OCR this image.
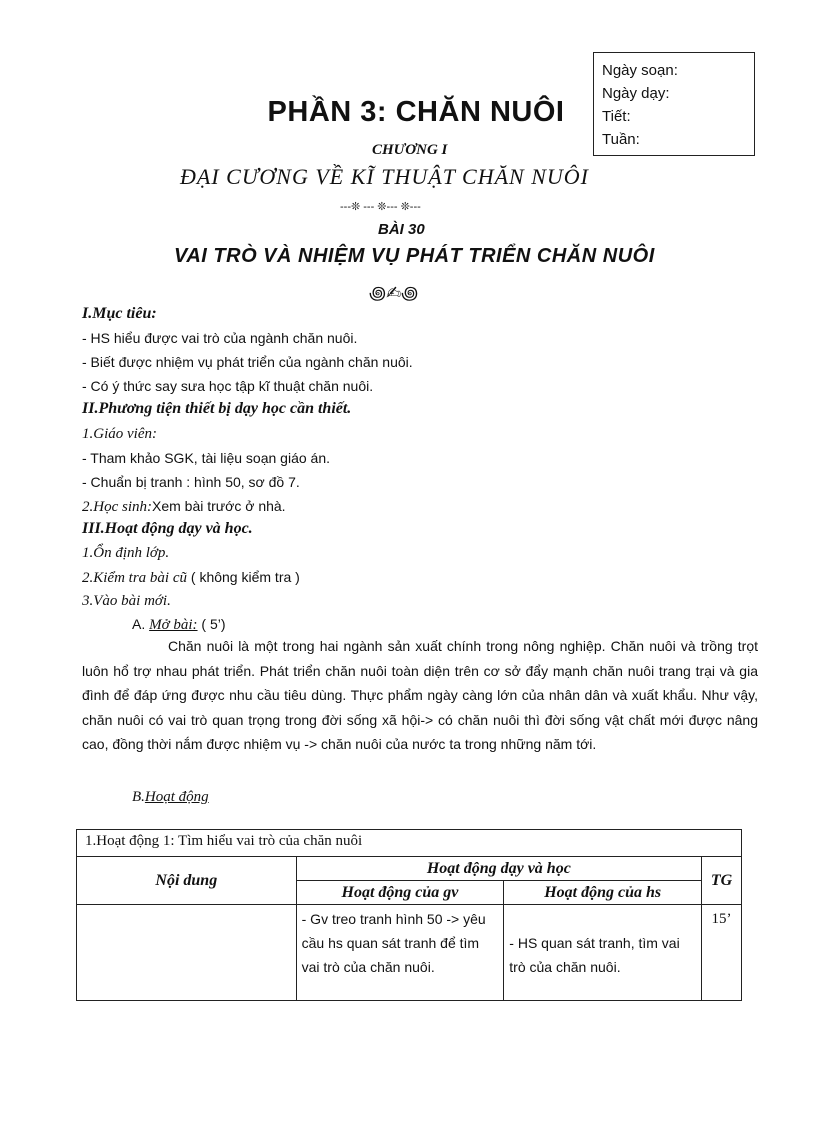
Ngày soạn:
Ngày dạy:
Tiết:
Tuần:
PHẦN 3: CHĂN NUÔI
CHƯƠNG I
ĐẠI CƯƠNG VỀ KĨ THUẬT CHĂN NUÔI
---❊ --- ❊--- ❊---
BÀI 30
VAI TRÒ VÀ NHIỆM VỤ PHÁT TRIỂN CHĂN NUÔI
꩜✍꩜
I.Mục tiêu:
- HS hiểu được vai trò của ngành chăn nuôi.
- Biết được nhiệm vụ phát triển của ngành chăn nuôi.
- Có ý thức say sưa học tập kĩ thuật chăn nuôi.
II.Phương tiện thiết bị dạy học cần thiết.
1.Giáo viên:
- Tham khảo SGK, tài liệu soạn giáo án.
- Chuẩn bị tranh : hình 50, sơ đồ 7.
2.Học sinh:Xem bài trước ở nhà.
III.Hoạt động dạy và học.
1.Ổn định lớp.
2.Kiểm tra bài cũ ( không kiểm tra )
3.Vào bài mới.
A. Mở bài: ( 5’)
Chăn nuôi là một trong hai ngành sản xuất chính trong nông nghiệp. Chăn nuôi và trồng trọt luôn hổ trợ nhau phát triển. Phát triển chăn nuôi toàn diện trên cơ sở đẩy mạnh chăn nuôi trang trại và gia đình để đáp ứng được nhu cầu tiêu dùng. Thực phẩm ngày càng lớn của nhân dân và xuất khẩu. Như vậy, chăn nuôi có vai trò quan trọng trong đời sống xã hội-> có chăn nuôi thì đời sống vật chất mới được nâng cao, đồng thời nắm được nhiệm vụ -> chăn nuôi của nước ta trong những năm tới.
B.Hoạt động
1.Hoạt động 1: Tìm hiểu vai trò của chăn nuôi			
Nội dung	Hoạt động dạy và học		TG
	Hoạt động của gv	Hoạt động của hs	
	- Gv treo tranh hình 50 -> yêu cầu hs quan sát tranh để tìm vai trò của chăn nuôi.	- HS quan sát tranh, tìm vai trò của chăn nuôi.	15’
